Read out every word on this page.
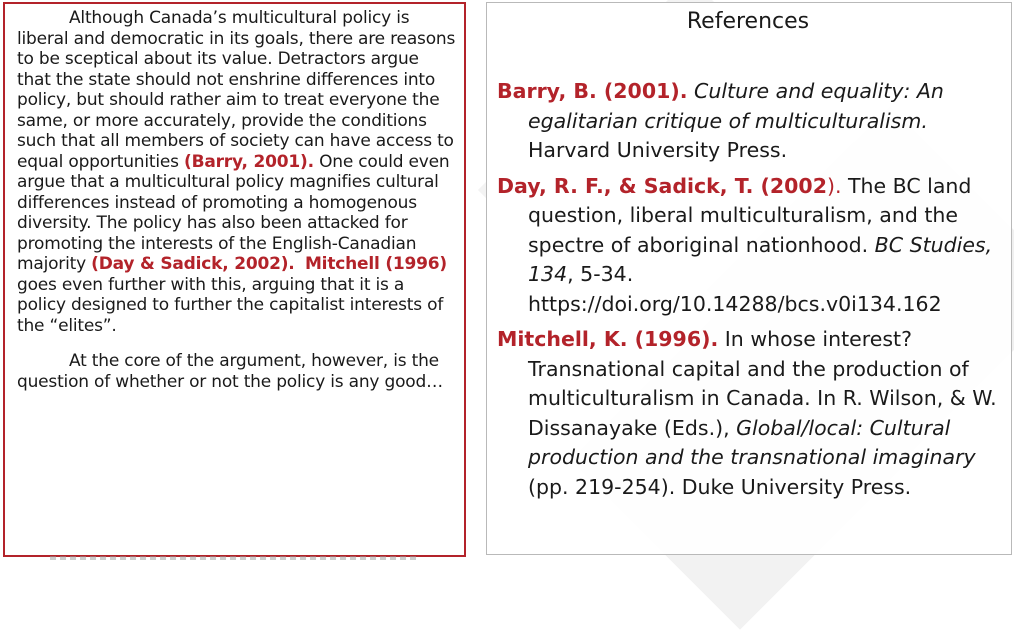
Although Canada’s multicultural policy is liberal and democratic in its goals, there are reasons to be sceptical about its value. Detractors argue that the state should not enshrine differences into policy, but should rather aim to treat everyone the same, or more accurately, provide the conditions such that all members of society can have access to equal opportunities (Barry, 2001). One could even argue that a multicultural policy magnifies cultural differences instead of promoting a homogenous diversity. The policy has also been attacked for promoting the interests of the English-Canadian majority (Day & Sadick, 2002). Mitchell (1996) goes even further with this, arguing that it is a policy designed to further the capitalist interests of the “elites”.

At the core of the argument, however, is the question of whether or not the policy is any good…

References
Barry, B. (2001). Culture and equality: An egalitarian critique of multiculturalism. Harvard University Press.
Day, R. F., & Sadick, T. (2002). The BC land question, liberal multiculturalism, and the spectre of aboriginal nationhood. BC Studies, 134, 5-34. https://doi.org/10.14288/bcs.v0i134.162
Mitchell, K. (1996). In whose interest? Transnational capital and the production of multiculturalism in Canada. In R. Wilson, & W. Dissanayake (Eds.), Global/local: Cultural production and the transnational imaginary (pp. 219-254). Duke University Press.
